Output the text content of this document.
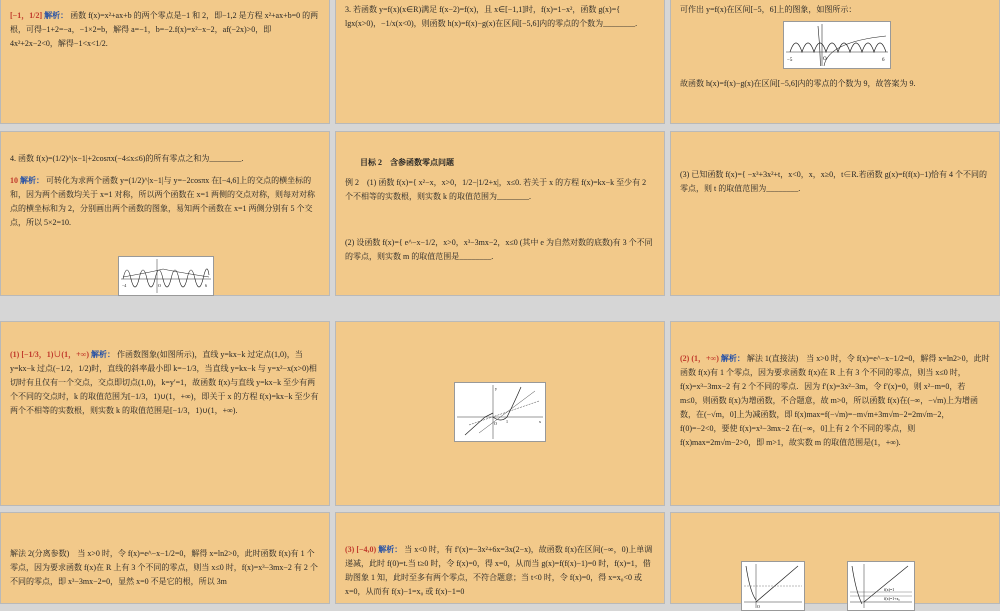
[−1，1/2] 解析： 函数 f(x)=x²+ax+b 的两个零点是−1 和 2，即−1,2 是方程 x²+ax+b=0 的两根，可得−1+2=−a，−1×2=b，解得 a=−1，b=−2.f(x)=x²−x−2，af(−2x)>0，即 4x²+2x−2<0，解得−1<x<1/2.
3. 若函数 y=f(x)(x∈R)满足 f(x−2)=f(x)，且 x∈[−1,1]时，f(x)=1−x²，函数 g(x)={ lgx(x>0)，−1/x(x<0)，则函数 h(x)=f(x)−g(x)在区间[−5,6]内的零点的个数为________.
可作出 y=f(x)在区间[−5，6]上的图象，如图所示：
−5	O	6
故函数 h(x)=f(x)−g(x)在区间[−5,6]内的零点的个数为 9，故答案为 9.
4. 函数 f(x)=(1/2)^|x−1|+2cosπx(−4≤x≤6)的所有零点之和为________.
10 解析： 可转化为求两个函数 y=(1/2)^|x−1|与 y=−2cosπx 在[−4,6]上的交点的横坐标的和，因为两个函数均关于 x=1 对称，所以两个函数在 x=1 两侧的交点对称，则每对对称点的横坐标和为 2，分别画出两个函数的图象，易知两个函数在 x=1 两侧分别有 5 个交点，所以 5×2=10.
−4	O	6
目标 2　含参函数零点问题
例 2　(1) 函数 f(x)={ x²−x，x>0，1/2−|1/2+x|，x≤0. 若关于 x 的方程 f(x)=kx−k 至少有 2 个不相等的实数根，则实数 k 的取值范围为________.
(2) 设函数 f(x)={ e^−x−1/2，x>0，x³−3mx−2，x≤0 (其中 e 为自然对数的底数)有 3 个不同的零点，则实数 m 的取值范围是________.
(3) 已知函数 f(x)={ −x³+3x²+t，x<0，x，x≥0，t∈R.若函数 g(x)=f(f(x)−1)恰有 4 个不同的零点，则 t 的取值范围为________.
(1) [−1/3，1)∪(1，+∞) 解析： 作函数图象(如图所示)，直线 y=kx−k 过定点(1,0)，当 y=kx−k 过点(−1/2，1/2)时，直线的斜率最小即 k=−1/3，当直线 y=kx−k 与 y=x²−x(x>0)相切时有且仅有一个交点，交点即切点(1,0)，k=y′=1，故函数 f(x)与直线 y=kx−k 至少有两个不同的交点时，k 的取值范围为[−1/3，1)∪(1，+∞)，即关于 x 的方程 f(x)=kx−k 至少有两个不相等的实数根，则实数 k 的取值范围是[−1/3，1)∪(1，+∞).
O 1	x
y
(2) (1，+∞) 解析： 解法 1(直接法)　当 x>0 时，令 f(x)=e^−x−1/2=0，解得 x=ln2>0，此时函数 f(x)有 1 个零点，因为要求函数 f(x)在 R 上有 3 个不同的零点，则当 x≤0 时，f(x)=x³−3mx−2 有 2 个不同的零点．因为 f′(x)=3x²−3m，令 f′(x)=0，则 x²−m=0，若 m≤0，则函数 f(x)为增函数，不合题意，故 m>0，所以函数 f(x)在(−∞，−√m)上为增函数，在(−√m，0]上为减函数，即 f(x)max=f(−√m)=−m√m+3m√m−2=2m√m−2，f(0)=−2<0，要使 f(x)=x³−3mx−2 在(−∞，0]上有 2 个不同的零点，则 f(x)max=2m√m−2>0，即 m>1，故实数 m 的取值范围是(1，+∞).
解法 2(分离参数)　当 x>0 时，令 f(x)=e^−x−1/2=0，解得 x=ln2>0，此时函数 f(x)有 1 个零点，因为要求函数 f(x)在 R 上有 3 个不同的零点，则当 x≤0 时，f(x)=x³−3mx−2 有 2 个不同的零点，即 x³−3mx−2=0，显然 x=0 不是它的根，所以 3m
(3) [−4,0) 解析： 当 x<0 时，有 f′(x)=−3x²+6x=3x(2−x)，故函数 f(x)在区间(−∞，0)上单调递减，此时 f(0)=t.当 t≥0 时，令 f(x)=0，得 x=0，从而当 g(x)=f(f(x)−1)=0 时，f(x)=1，借助图象 1 知，此时至多有两个零点，不符合题意；当 t<0 时，令 f(x)=0，得 x=x₀<0 或 x=0，从而有 f(x)−1=x₀ 或 f(x)−1=0
O
f(x)=1
f(x)=1+x₀
